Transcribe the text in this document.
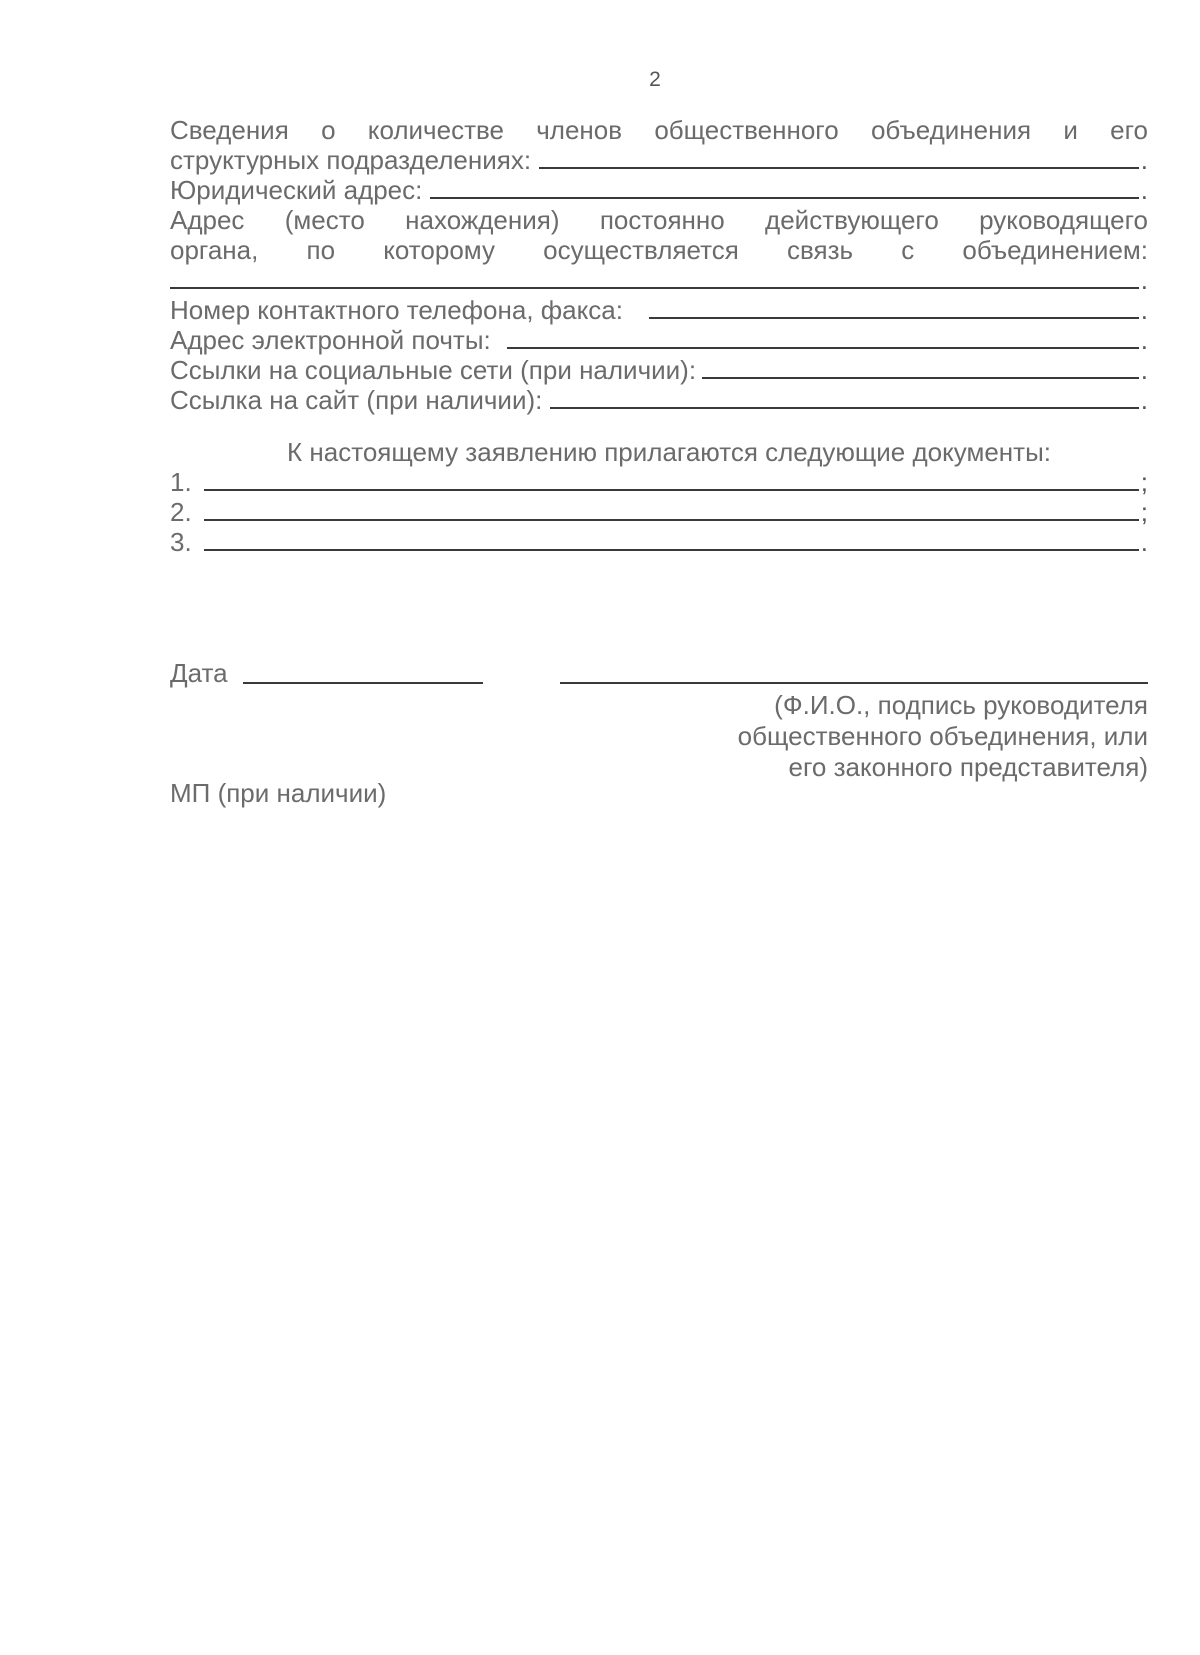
2
Сведения о количестве членов общественного объединения и его
структурных подразделениях:	.
Юридический адрес:	.
Адрес (место нахождения) постоянно действующего руководящего
органа, по которому осуществляется связь с объединением:
.
Номер контактного телефона, факса:	.
Адрес электронной почты:	.
Ссылки на социальные сети (при наличии):	.
Ссылка на сайт (при наличии):	.
К настоящему заявлению прилагаются следующие документы:
1.	;
2.	;
3.	.
Дата
(Ф.И.О., подпись руководителя
общественного объединения, или
его законного представителя)
МП (при наличии)
